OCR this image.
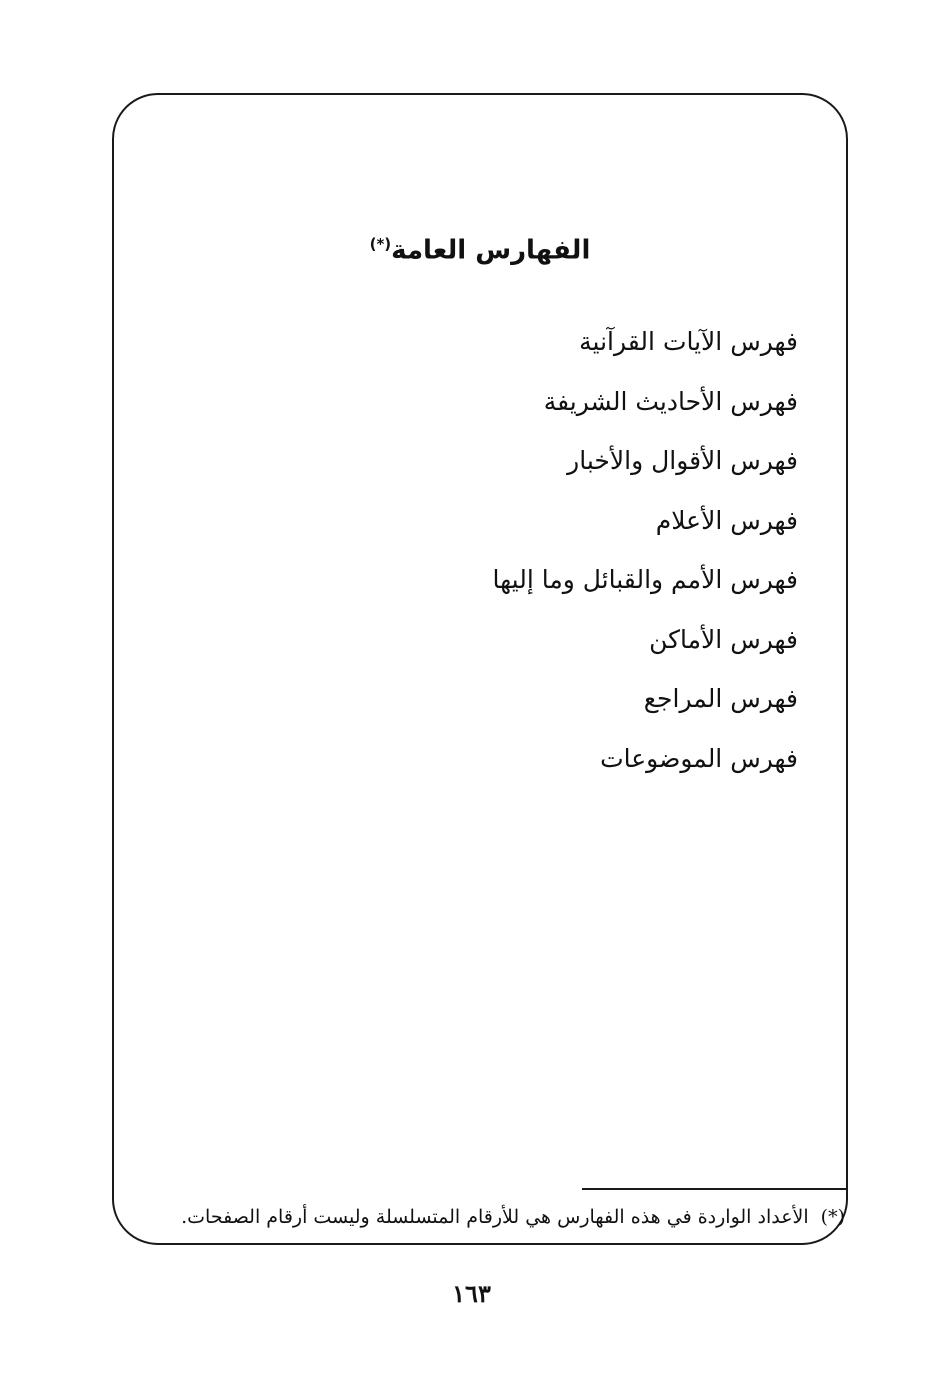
الفهارس العامة(*)
فهرس الآيات القرآنية
فهرس الأحاديث الشريفة
فهرس الأقوال والأخبار
فهرس الأعلام
فهرس الأمم والقبائل وما إليها
فهرس الأماكن
فهرس المراجع
فهرس الموضوعات
(*)الأعداد الواردة في هذه الفهارس هي للأرقام المتسلسلة وليست أرقام الصفحات.
١٦٣
